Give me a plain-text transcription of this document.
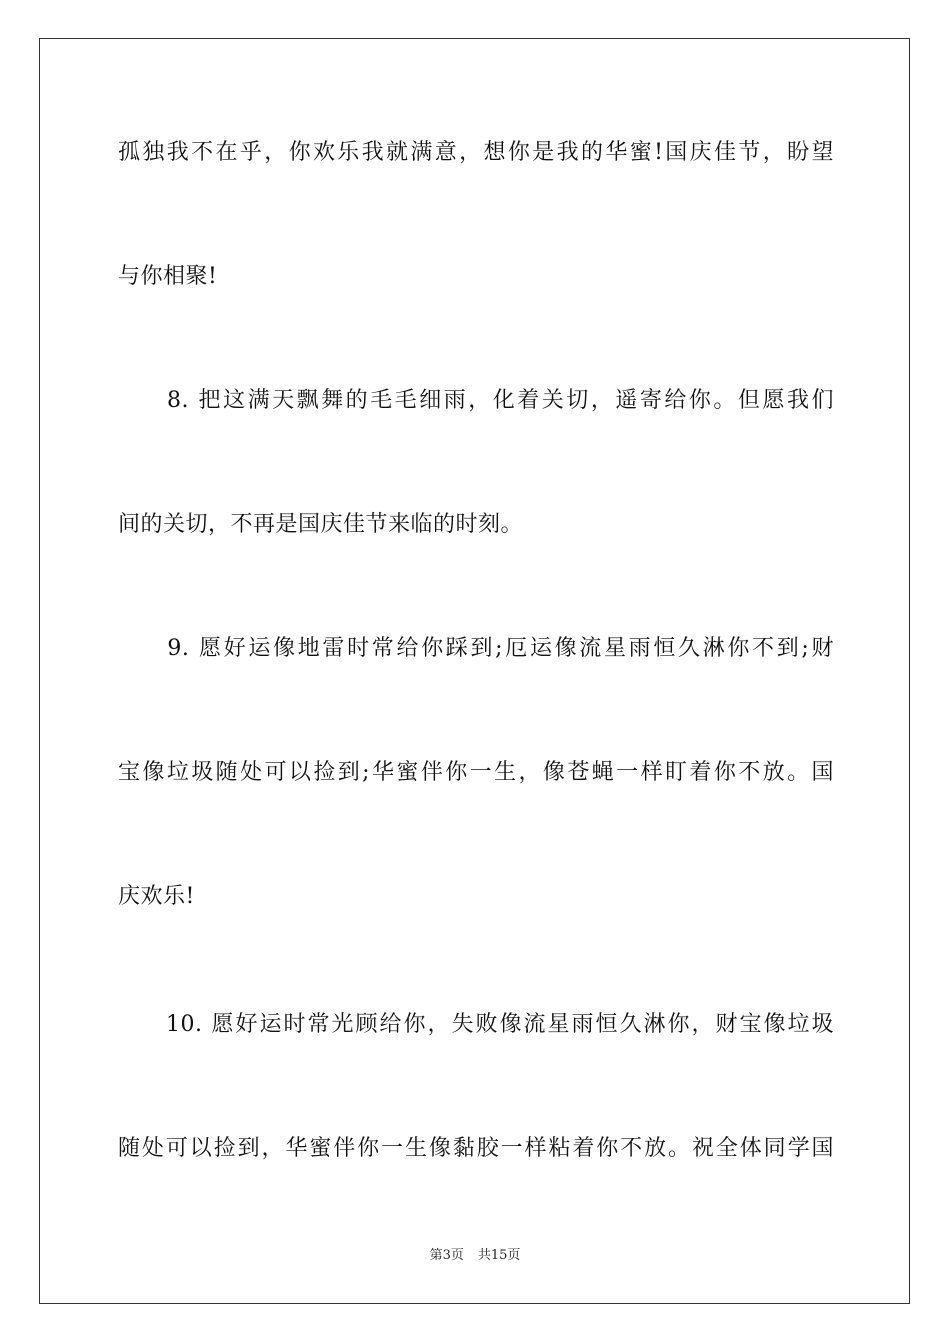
孤独我不在乎，你欢乐我就满意，想你是我的华蜜!国庆佳节，盼望
与你相聚!
　　8. 把这满天飘舞的毛毛细雨，化着关切，遥寄给你。但愿我们
间的关切，不再是国庆佳节来临的时刻。
　　9. 愿好运像地雷时常给你踩到;厄运像流星雨恒久淋你不到;财
宝像垃圾随处可以捡到;华蜜伴你一生，像苍蝇一样盯着你不放。国
庆欢乐!
　　10. 愿好运时常光顾给你，失败像流星雨恒久淋你，财宝像垃圾
随处可以捡到，华蜜伴你一生像黏胶一样粘着你不放。祝全体同学国
第3页 共15页
